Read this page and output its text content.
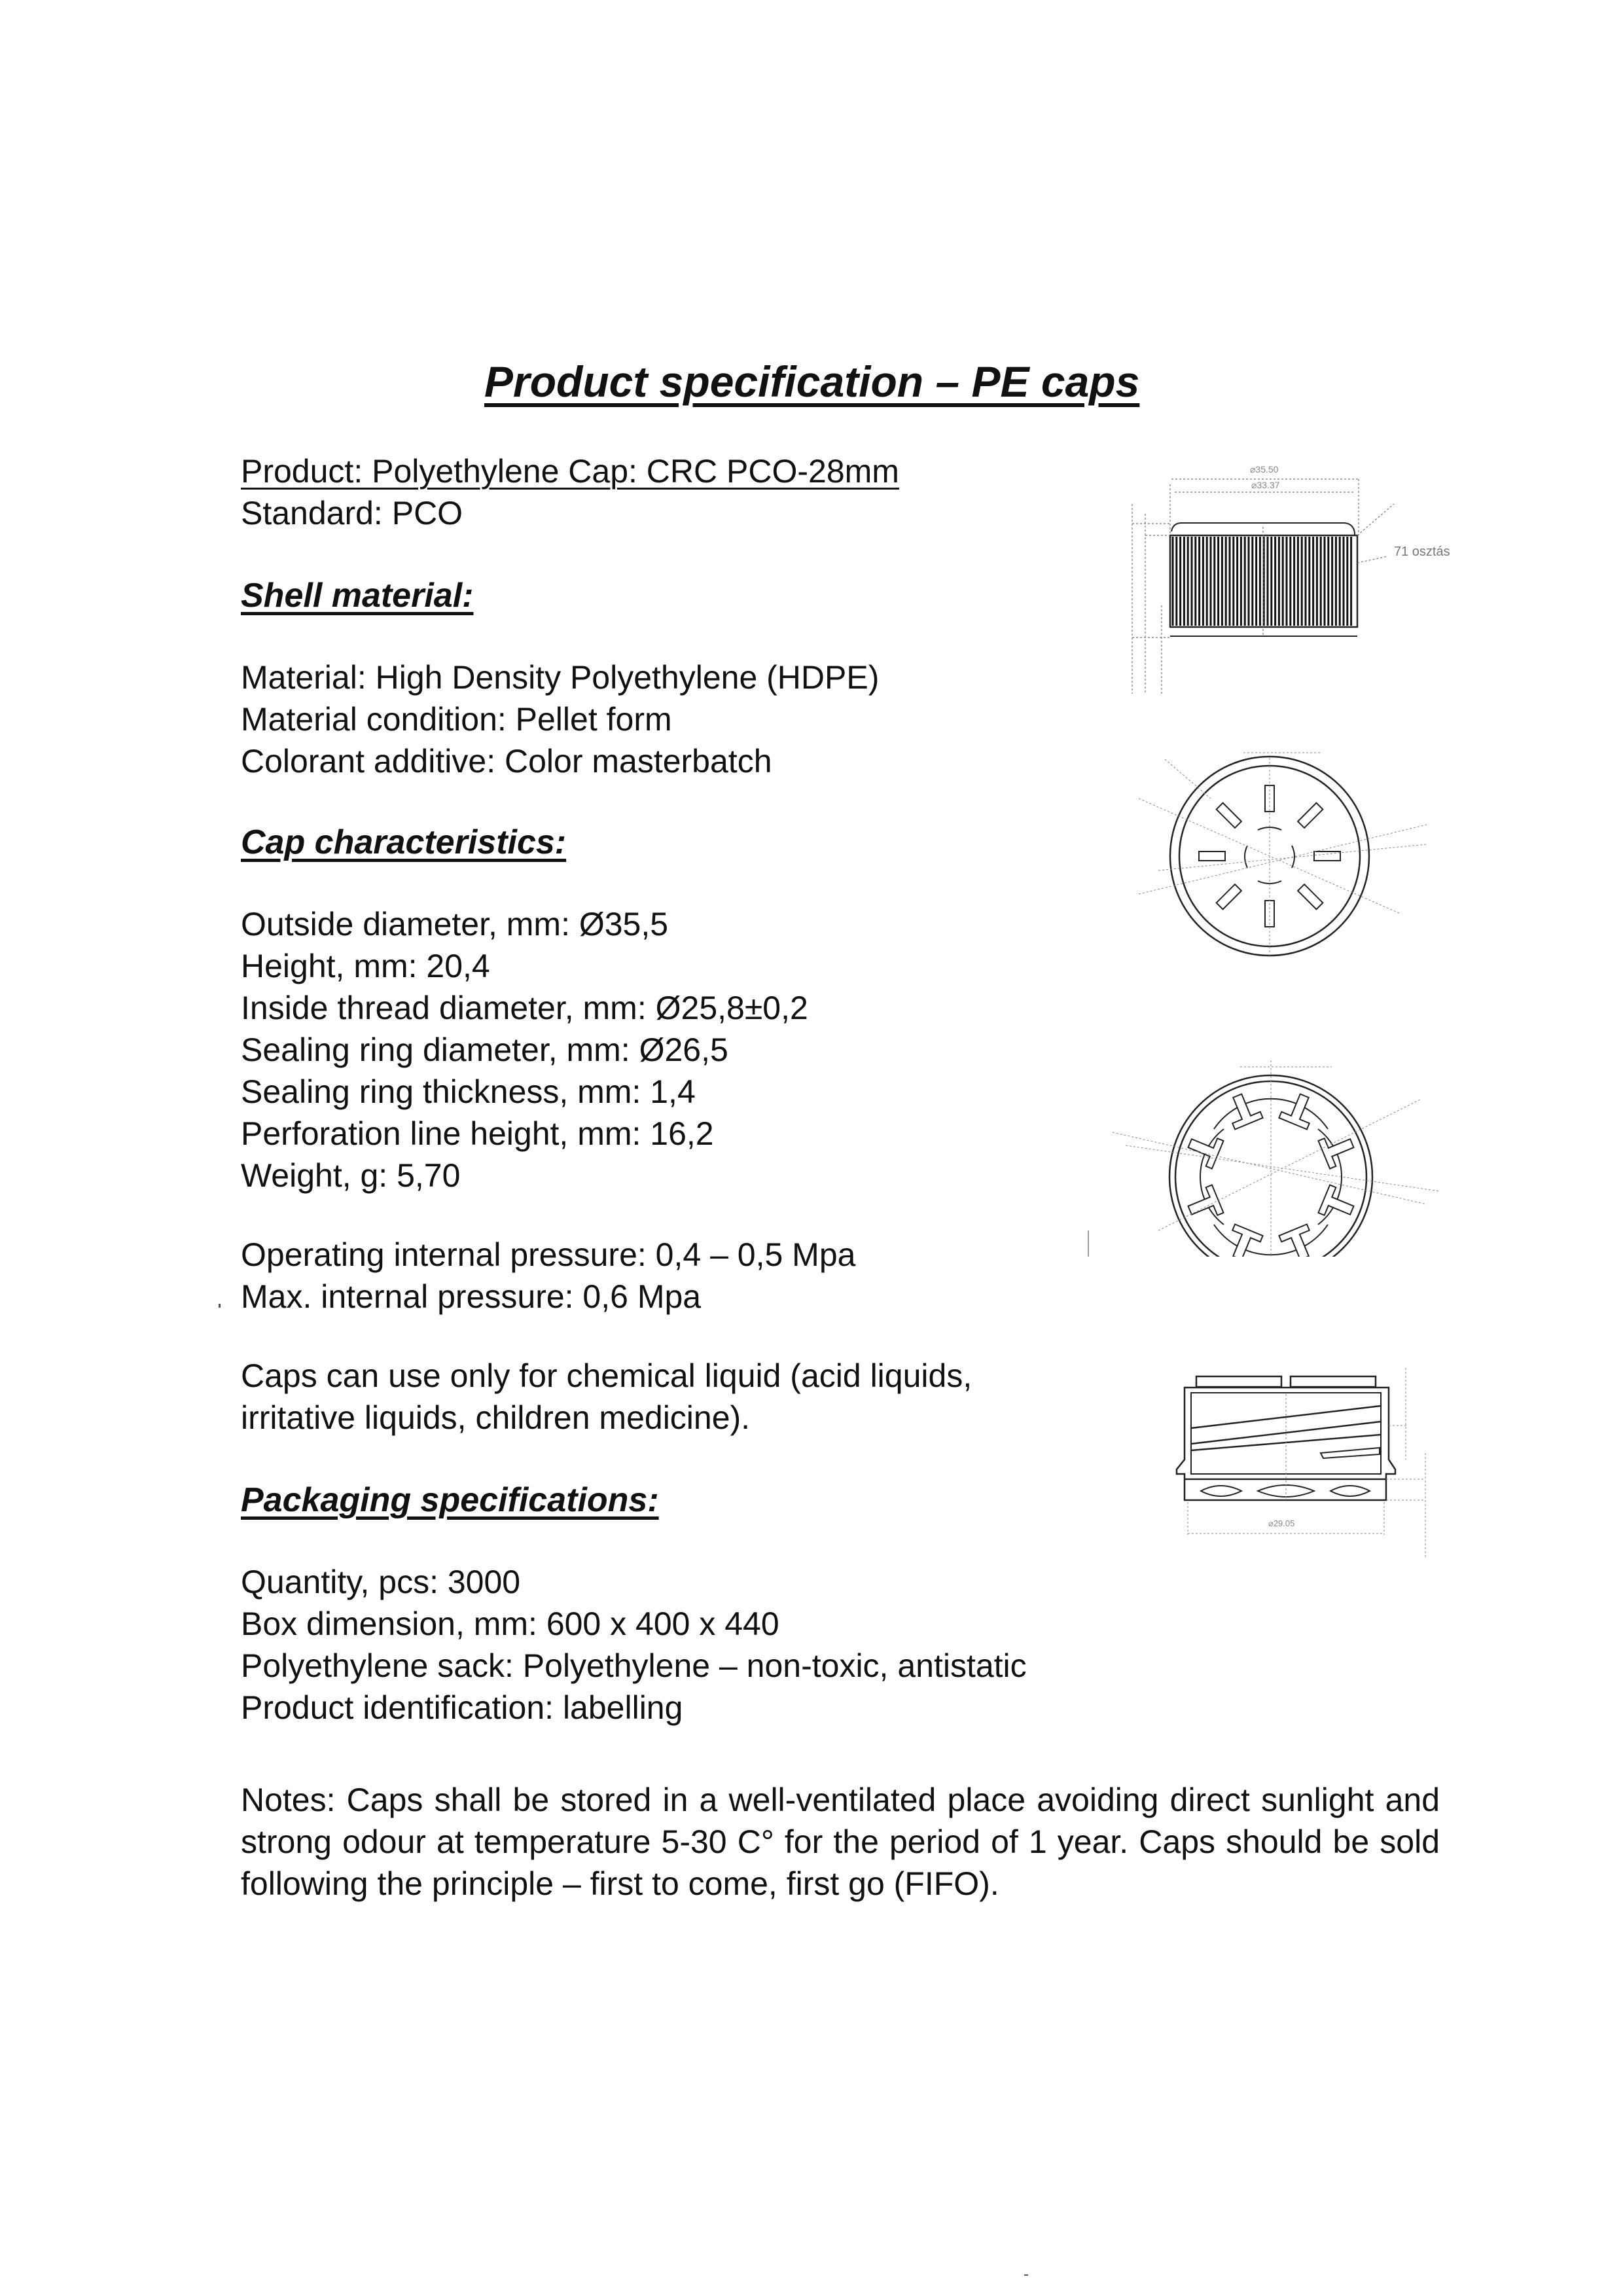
Product specification – PE caps
Product: Polyethylene Cap: CRC PCO-28mm
Standard: PCO
Shell material:
Material: High Density Polyethylene (HDPE)
Material condition: Pellet form
Colorant additive: Color masterbatch
Cap characteristics:
Outside diameter, mm: Ø35,5
Height, mm: 20,4
Inside thread diameter, mm: Ø25,8±0,2
Sealing ring diameter, mm: Ø26,5
Sealing ring thickness, mm: 1,4
Perforation line height, mm: 16,2
Weight, g: 5,70
Operating internal pressure: 0,4 – 0,5 Mpa
Max. internal pressure: 0,6 Mpa
Caps can use only for chemical liquid (acid liquids, irritative liquids, children medicine).
Packaging specifications:
Quantity, pcs: 3000
Box dimension, mm: 600 x 400 x 440
Polyethylene sack: Polyethylene – non-toxic, antistatic
Product identification: labelling
Notes: Caps shall be stored in a well-ventilated place avoiding direct sunlight and strong odour at temperature 5-30 C° for the period of 1 year. Caps should be sold following the principle – first to come, first go (FIFO).
⌀35.50
⌀33.37
71 osztás
⌀29.05
